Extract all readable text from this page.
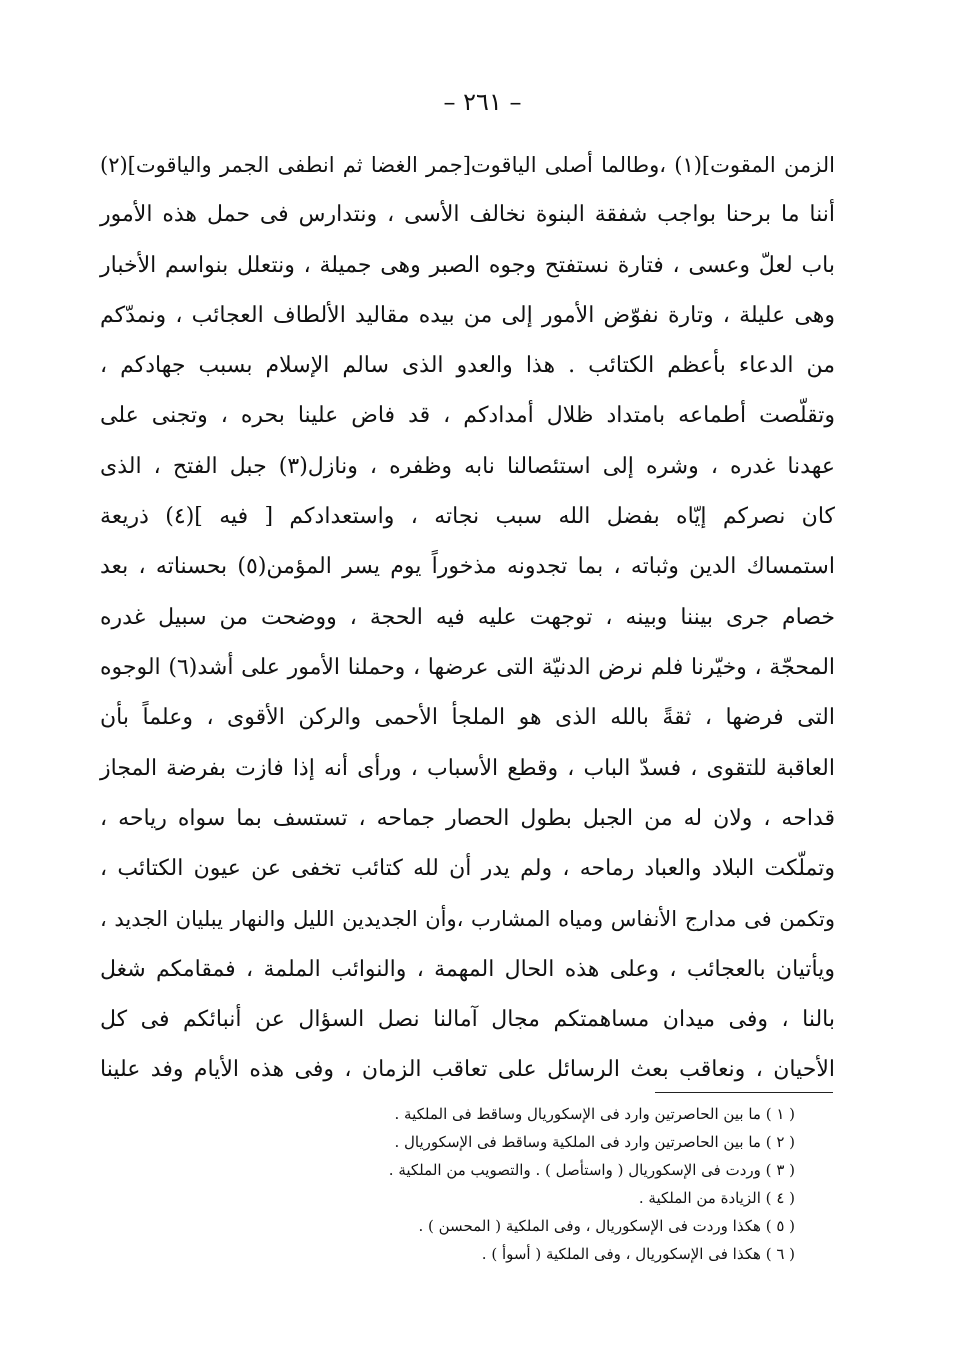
– ٢٦١ –
الزمن المقوت](١) ،وطالما أصلى الياقوت[جمر الغضا ثم انطفى الجمر والياقوت](٢)
أننا ما برحنا بواجب شفقة البنوة نخالف الأسى ، ونتدارس فى حمل هذه الأمور
باب لعلّ وعسى ، فتارة نستفتح وجوه الصبر وهى جميلة ، ونتعلل بنواسم الأخبار
وهى عليلة ، وتارة نفوّض الأمور إلى من بيده مقاليد الألطاف العجائب ، ونمدّكم
من الدعاء بأعظم الكتائب . هذا والعدو الذى سالم الإسلام بسبب جهادكم ،
وتقلّصت أطماعه بامتداد ظلال أمدادكم ، قد فاض علينا بحره ، وتجنى على
عهدنا غدره ، وشره إلى استئصالنا نابه وظفره ، ونازل(٣) جبل الفتح ، الذى
كان نصركم إيّاه بفضل الله سبب نجاته ، واستعدادكم [ فيه ](٤) ذريعة
استمساك الدين وثباته ، بما تجدونه مذخوراً يوم يسر المؤمن(٥) بحسناته ، بعد
خصام جرى بيننا وبينه ، توجهت عليه فيه الحجة ، ووضحت من سبيل غدره
المحجّة ، وخيّرنا فلم نرض الدنيّة التى عرضها ، وحملنا الأمور على أشد(٦) الوجوه
التى فرضها ، ثقةً بالله الذى هو الملجأ الأحمى والركن الأقوى ، وعلماً بأن
العاقبة للتقوى ، فسدّ الباب ، وقطع الأسباب ، ورأى أنه إذا فازت بفرضة المجاز
قداحه ، ولان له من الجبل بطول الحصار جماحه ، تستسف بما سواه رياحه ،
وتملّكت البلاد والعباد رماحه ، ولم يدر أن لله كتائب تخفى عن عيون الكتائب ،
وتكمن فى مدارج الأنفاس ومياه المشارب ،وأن الجديدين الليل والنهار يبليان الجديد ،
ويأتيان بالعجائب ، وعلى هذه الحال المهمة ، والنوائب الملمة ، فمقامكم شغل
بالنا ، وفى ميدان مساهمتكم مجال آمالنا نصل السؤال عن أنبائكم فى كل
الأحيان ، ونعاقب بعث الرسائل على تعاقب الزمان ، وفى هذه الأيام وفد علينا
( ١ ) ما بين الحاصرتين وارد فى الإسكوريال وساقط فى الملكية .
( ٢ ) ما بين الحاصرتين وارد فى الملكية وساقط فى الإسكوريال .
( ٣ ) وردت فى الإسكوريال ( واستأصل ) . والتصويب من الملكية .
( ٤ ) الزيادة من الملكية .
( ٥ ) هكذا وردت فى الإسكوريال ، وفى الملكية ( المحسن ) .
( ٦ ) هكذا فى الإسكوريال ، وفى الملكية ( أسوأ ) .
